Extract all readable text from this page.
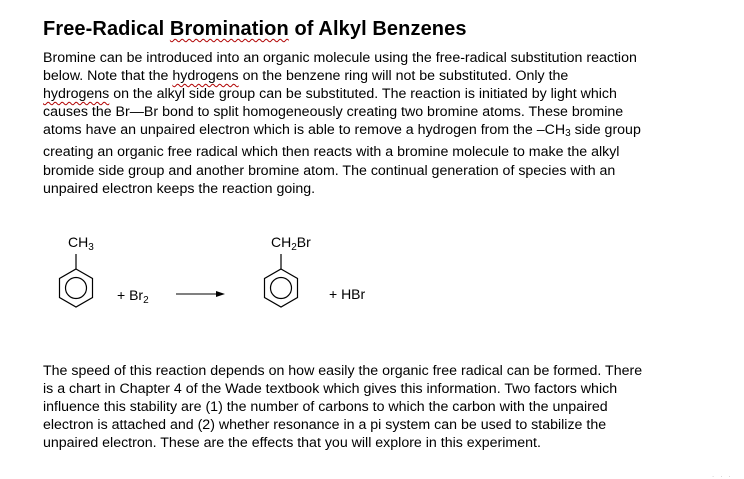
Free-Radical Bromination of Alkyl Benzenes
Bromine can be introduced into an organic molecule using the free-radical substitution reaction
below. Note that the hydrogens on the benzene ring will not be substituted. Only the
hydrogens on the alkyl side group can be substituted. The reaction is initiated by light which
causes the Br—Br bond to split homogeneously creating two bromine atoms. These bromine
atoms have an unpaired electron which is able to remove a hydrogen from the $-CH_3$ side group
creating an organic free radical which then reacts with a bromine molecule to make the alkyl
bromide side group and another bromine atom. The continual generation of species with an
unpaired electron keeps the reaction going.
$CH_3$
+ $Br_2$
$CH_2Br$
+ HBr
The speed of this reaction depends on how easily the organic free radical can be formed. There
is a chart in Chapter 4 of the Wade textbook which gives this information. Two factors which
influence this stability are (1) the number of carbons to which the carbon with the unpaired
electron is attached and (2) whether resonance in a pi system can be used to stabilize the
unpaired electron. These are the effects that you will explore in this experiment.
...
